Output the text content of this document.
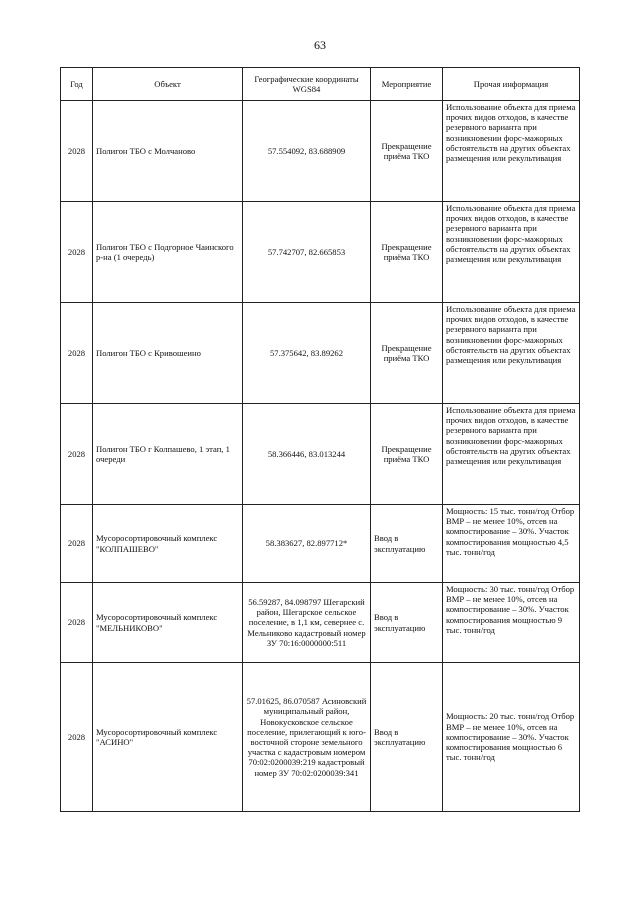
63
Год	Объект	Географические координаты WGS84	Мероприятие	Прочая информация
2028	Полигон ТБО с Молчаново	57.554092, 83.688909	Прекращение приёма ТКО	Использование объекта для приема прочих видов отходов, в качестве резервного варианта при возникновении форс-мажорных обстоятельств на других объектах размещения или рекультивация

2028	Полигон ТБО с Подгорное Чаинского р-на (1 очередь)	57.742707, 82.665853	Прекращение приёма ТКО	Использование объекта для приема прочих видов отходов, в качестве резервного варианта при возникновении форс-мажорных обстоятельств на других объектах размещения или рекультивация

2028	Полигон ТБО с Кривошеино	57.375642, 83.89262	Прекращение приёма ТКО	Использование объекта для приема прочих видов отходов, в качестве резервного варианта при возникновении форс-мажорных обстоятельств на других объектах размещения или рекультивация

2028	Полигон ТБО г Колпашево, 1 этап, 1 очереди	58.366446, 83.013244	Прекращение приёма ТКО	Использование объекта для приема прочих видов отходов, в качестве резервного варианта при возникновении форс-мажорных обстоятельств на других объектах размещения или рекультивация

2028	Мусоросортировочный комплекс "КОЛПАШЕВО"	58.383627, 82.897712*	Ввод в эксплуатацию	Мощность: 15 тыс. тонн/год Отбор ВМР – не менее 10%, отсев на компостирование – 30%. Участок компостирования мощностью 4,5 тыс. тонн/год

2028	Мусоросортировочный комплекс "МЕЛЬНИКОВО"	56.59287, 84.098797 Шегарский район, Шегарское сельское поселение, в 1,1 км, севернее с. Мельниково кадастровый номер ЗУ 70:16:0000000:511	Ввод в эксплуатацию	Мощность: 30 тыс. тонн/год Отбор ВМР – не менее 10%, отсев на компостирование – 30%. Участок компостирования мощностью 9 тыс. тонн/год

2028	Мусоросортировочный комплекс "АСИНО"	57.01625, 86.070587 Асиновский муниципальный район, Новокусковское сельское поселение, прилегающий к юго-восточной стороне земельного участка с кадастровым номером 70:02:0200039:219 кадастровый номер ЗУ 70:02:0200039:341	Ввод в эксплуатацию	Мощность: 20 тыс. тонн/год Отбор ВМР – не менее 10%, отсев на компостирование – 30%. Участок компостирования мощностью 6 тыс. тонн/год
